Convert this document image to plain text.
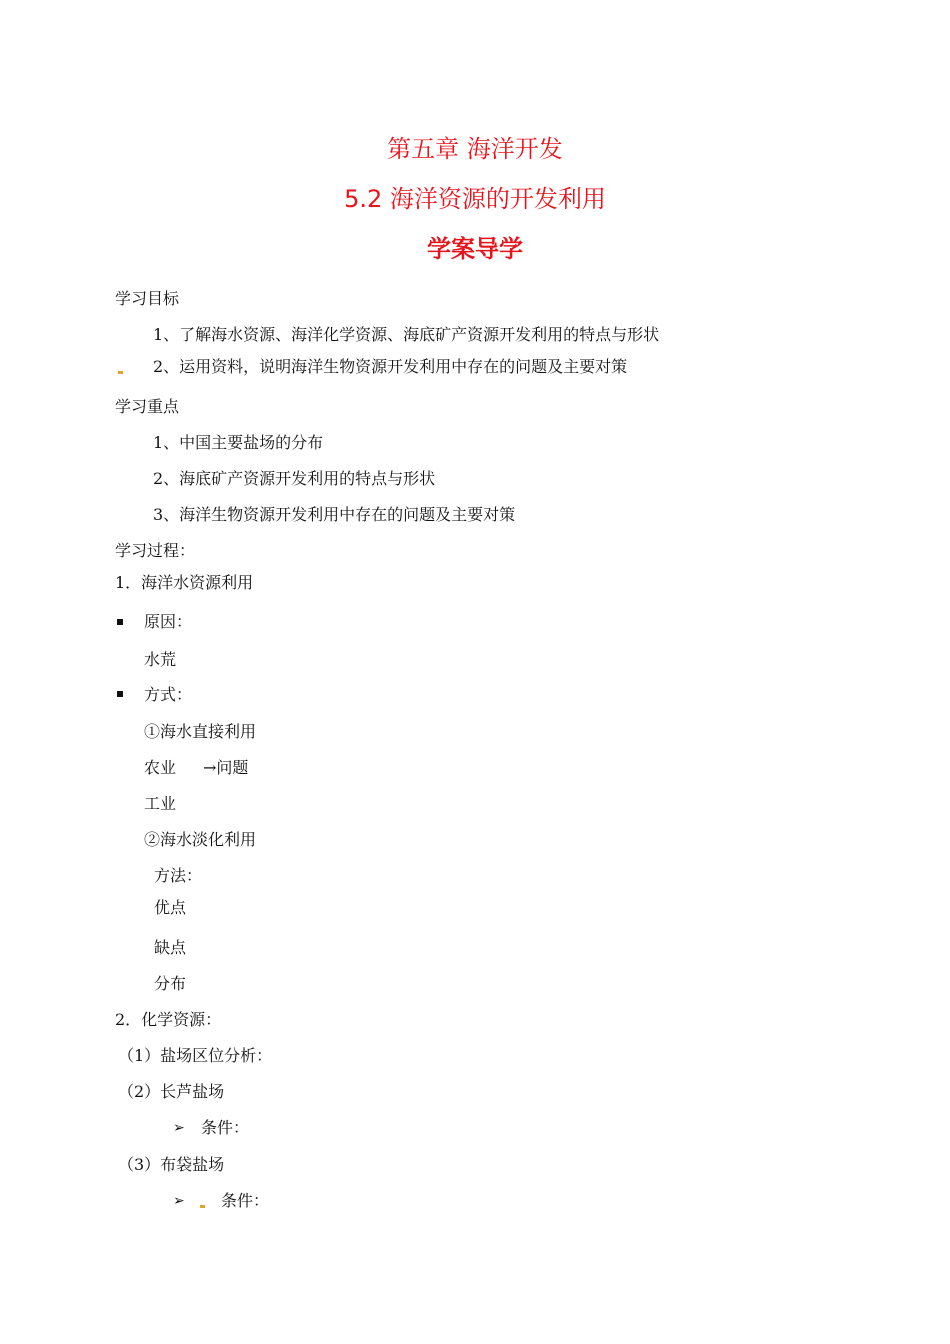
第五章 海洋开发
5.2 海洋资源的开发利用
学案导学
学习目标
1、了解海水资源、海洋化学资源、海底矿产资源开发利用的特点与形状
2、运用资料，说明海洋生物资源开发利用中存在的问题及主要对策
学习重点
1、中国主要盐场的分布
2、海底矿产资源开发利用的特点与形状
3、海洋生物资源开发利用中存在的问题及主要对策
学习过程：
1．海洋水资源利用
原因：
水荒
方式：
①海水直接利用
农业 →问题
工业
②海水淡化利用
方法：
优点
缺点
分布
2．化学资源：
（1）盐场区位分析：
（2）长芦盐场
➢ 条件：
（3）布袋盐场
➢ 条件：
